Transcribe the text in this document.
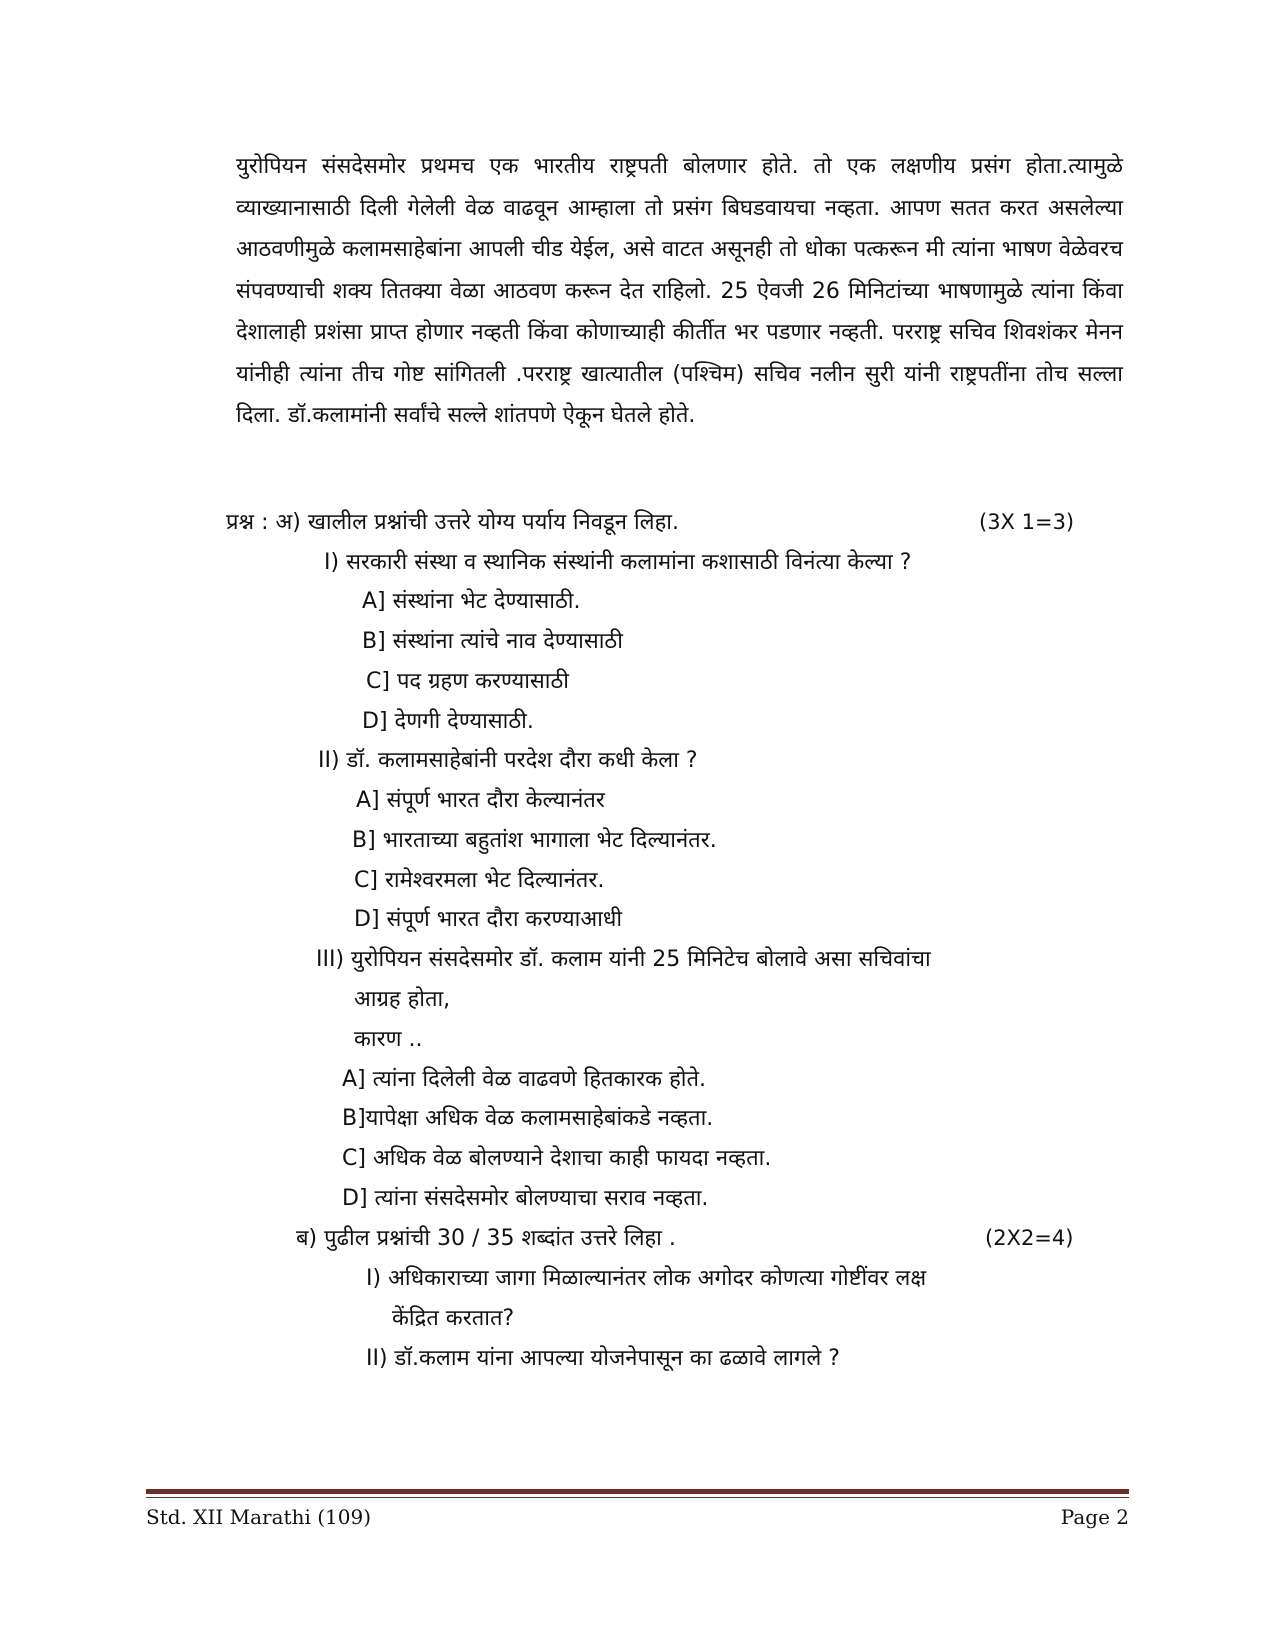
युरोपियन संसदेसमोर प्रथमच एक भारतीय राष्ट्रपती बोलणार होते. तो एक लक्षणीय प्रसंग होता.त्यामुळे व्याख्यानासाठी दिली गेलेली वेळ वाढवून आम्हाला तो प्रसंग बिघडवायचा नव्हता. आपण सतत करत असलेल्या आठवणीमुळे कलामसाहेबांना आपली चीड येईल, असे वाटत असूनही तो धोका पत्करून मी त्यांना भाषण वेळेवरच संपवण्याची शक्य तितक्या वेळा आठवण करून देत राहिलो. 25 ऐवजी 26 मिनिटांच्या भाषणामुळे त्यांना किंवा देशालाही प्रशंसा प्राप्त होणार नव्हती किंवा कोणाच्याही कीर्तीत भर पडणार नव्हती. परराष्ट्र सचिव शिवशंकर मेनन यांनीही त्यांना तीच गोष्ट सांगितली .परराष्ट्र खात्यातील (पश्चिम) सचिव नलीन सुरी यांनी राष्ट्रपतींना तोच सल्ला दिला. डॉ.कलामांनी सर्वांचे सल्ले शांतपणे ऐकून घेतले होते.
प्रश्न : अ) खालील प्रश्नांची उत्तरे योग्य पर्याय निवडून लिहा.	(3X 1=3)
I) सरकारी संस्था व स्थानिक संस्थांनी कलामांना कशासाठी विनंत्या केल्या ?
A] संस्थांना भेट देण्यासाठी.
B] संस्थांना त्यांचे नाव देण्यासाठी
C] पद ग्रहण करण्यासाठी
D] देणगी देण्यासाठी.
II) डॉ. कलामसाहेबांनी परदेश दौरा कधी केला ?
A] संपूर्ण भारत दौरा केल्यानंतर
B] भारताच्या बहुतांश भागाला भेट दिल्यानंतर.
C] रामेश्वरमला भेट दिल्यानंतर.
D] संपूर्ण भारत दौरा करण्याआधी
III) युरोपियन संसदेसमोर डॉ. कलाम यांनी 25 मिनिटेच बोलावे असा सचिवांचा
आग्रह होता,
कारण ..
A] त्यांना दिलेली वेळ वाढवणे हितकारक होते.
B]यापेक्षा अधिक वेळ कलामसाहेबांकडे नव्हता.
C] अधिक वेळ बोलण्याने देशाचा काही फायदा नव्हता.
D] त्यांना संसदेसमोर बोलण्याचा सराव नव्हता.
ब) पुढील प्रश्नांची 30 / 35 शब्दांत उत्तरे लिहा .	(2X2=4)
I) अधिकाराच्या जागा मिळाल्यानंतर लोक अगोदर कोणत्या गोष्टींवर लक्ष
केंद्रित करतात?
II) डॉ.कलाम यांना आपल्या योजनेपासून का ढळावे लागले ?
Std. XII Marathi (109)	Page 2
